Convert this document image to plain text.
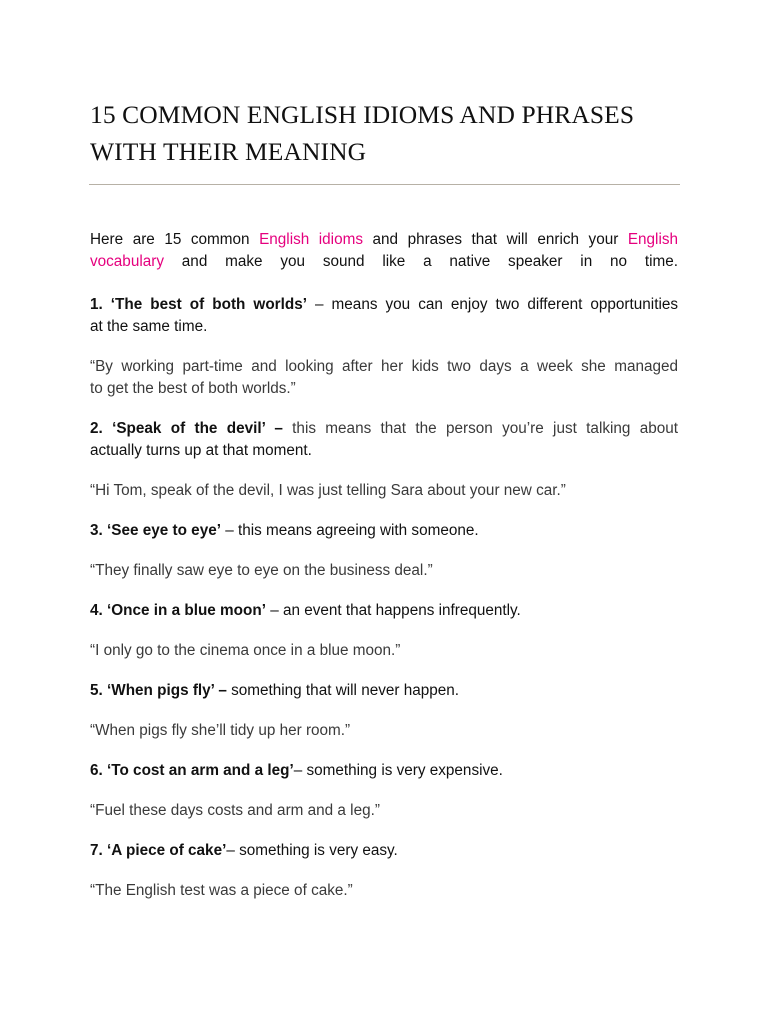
15 COMMON ENGLISH IDIOMS AND PHRASES
WITH THEIR MEANING

Here are 15 common English idioms and phrases that will enrich your English

vocabulary and make you sound like a native speaker in no time.

1. ‘The best of both worlds’ – means you can enjoy two different opportunities

at the same time.

“By working part-time and looking after her kids two days a week she managed

to get the best of both worlds.”

2. ‘Speak of the devil’ – this means that the person you’re just talking about

actually turns up at that moment.

“Hi Tom, speak of the devil, I was just telling Sara about your new car.”

3. ‘See eye to eye’ – this means agreeing with someone.

“They finally saw eye to eye on the business deal.”

4. ‘Once in a blue moon’ – an event that happens infrequently.

“I only go to the cinema once in a blue moon.”

5. ‘When pigs fly’ – something that will never happen.

“When pigs fly she’ll tidy up her room.”

6. ‘To cost an arm and a leg’– something is very expensive.

“Fuel these days costs and arm and a leg.”

7. ‘A piece of cake’– something is very easy.

“The English test was a piece of cake.”
